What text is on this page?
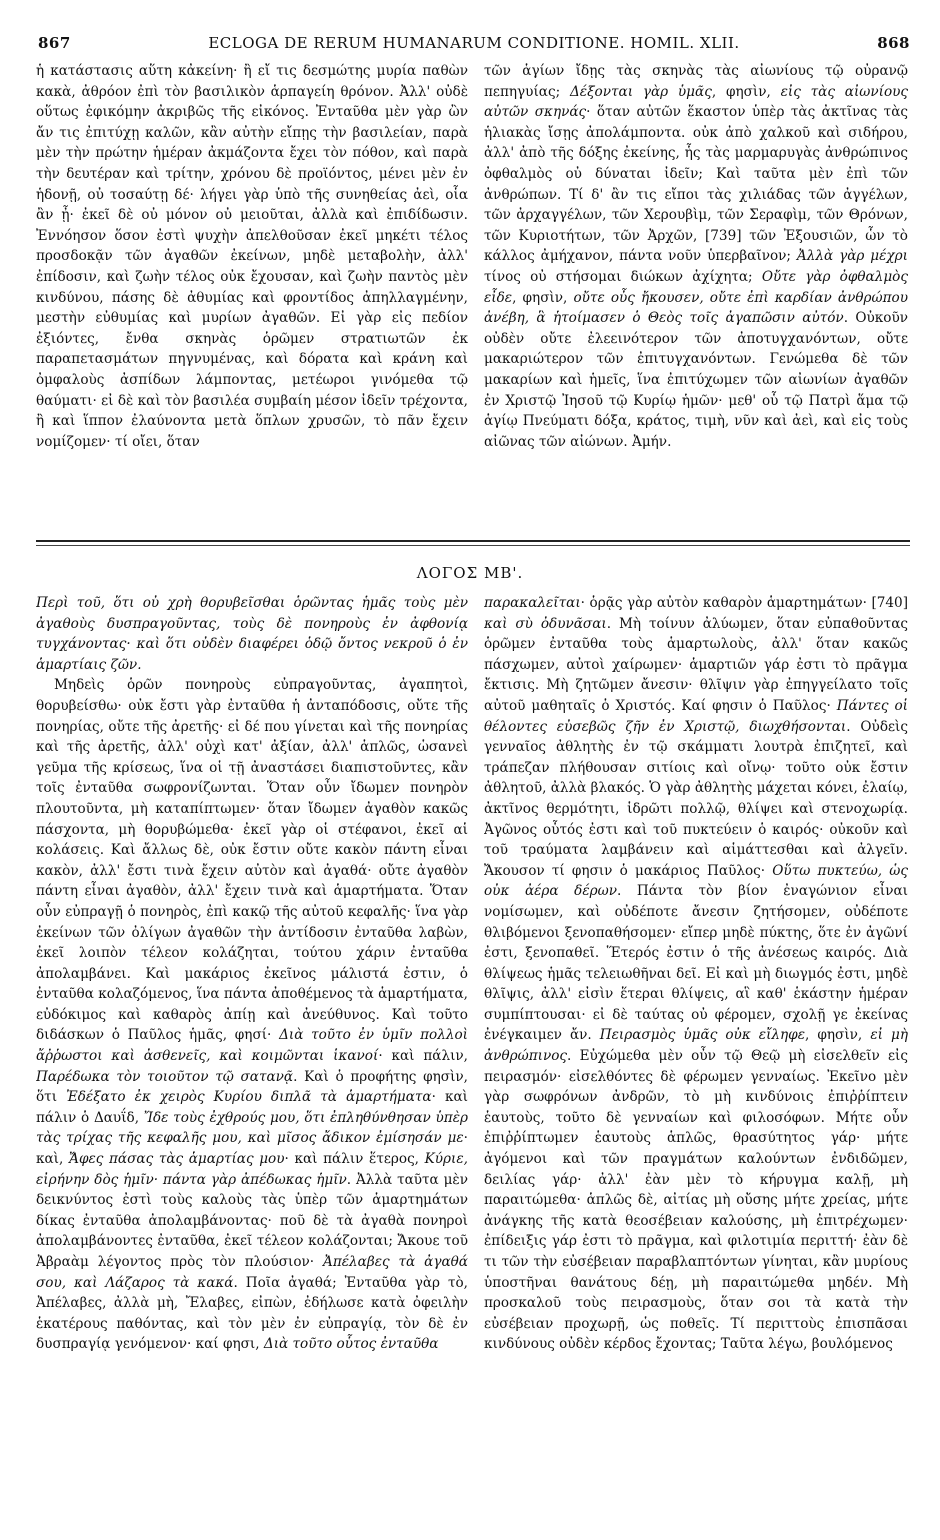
867	ECLOGA DE RERUM HUMANARUM CONDITIONE. HOMIL. XLII.	868

ἡ κατάστασις αὕτη κἀκείνη· ἢ εἴ τις δεσμώτης μυρία παθὼν κακὰ, ἀθρόον ἐπὶ τὸν βασιλικὸν ἁρπαγείη θρόνον. Ἀλλ' οὐδὲ οὕτως ἐφικόμην ἀκριβῶς τῆς εἰκόνος. Ἐνταῦθα μὲν γὰρ ὢν ἄν τις ἐπιτύχῃ καλῶν, κἂν αὐτὴν εἴπῃς τὴν βασιλείαν, παρὰ μὲν τὴν πρώτην ἡμέραν ἀκμάζοντα ἔχει τὸν πόθον, καὶ παρὰ τὴν δευτέραν καὶ τρίτην, χρόνου δὲ προϊόντος, μένει μὲν ἐν ἡδονῇ, οὐ τοσαύτῃ δέ· λήγει γὰρ ὑπὸ τῆς συνηθείας ἀεὶ, οἷα ἂν ᾖ· ἐκεῖ δὲ οὐ μόνον οὐ μειοῦται, ἀλλὰ καὶ ἐπιδίδωσιν. Ἐννόησον ὅσον ἐστὶ ψυχὴν ἀπελθοῦσαν ἐκεῖ μηκέτι τέλος προσδοκᾷν τῶν ἀγαθῶν ἐκείνων, μηδὲ μεταβολὴν, ἀλλ' ἐπίδοσιν, καὶ ζωὴν τέλος οὐκ ἔχουσαν, καὶ ζωὴν παντὸς μὲν κινδύνου, πάσης δὲ ἀθυμίας καὶ φροντίδος ἀπηλλαγμένην, μεστὴν εὐθυμίας καὶ μυρίων ἀγαθῶν. Εἰ γὰρ εἰς πεδίον ἐξιόντες, ἔνθα σκηνὰς ὁρῶμεν στρατιωτῶν ἐκ παραπετασμάτων πηγνυμένας, καὶ δόρατα καὶ κράνη καὶ ὀμφαλοὺς ἀσπίδων λάμποντας, μετέωροι γινόμεθα τῷ θαύματι· εἰ δὲ καὶ τὸν βασιλέα συμβαίη μέσον ἰδεῖν τρέχοντα, ἢ καὶ ἵππον ἐλαύνοντα μετὰ ὅπλων χρυσῶν, τὸ πᾶν ἔχειν νομίζομεν· τί οἴει, ὅταν

τῶν ἁγίων ἴδῃς τὰς σκηνὰς τὰς αἰωνίους τῷ οὐρανῷ πεπηγυίας; Δέξονται γὰρ ὑμᾶς, φησὶν, εἰς τὰς αἰωνίους αὐτῶν σκηνάς· ὅταν αὐτῶν ἕκαστον ὑπὲρ τὰς ἀκτῖνας τὰς ἡλιακὰς ἴσῃς ἀπολάμποντα. οὐκ ἀπὸ χαλκοῦ καὶ σιδήρου, ἀλλ' ἀπὸ τῆς δόξης ἐκείνης, ἧς τὰς μαρμαρυγὰς ἀνθρώπινος ὀφθαλμὸς οὐ δύναται ἰδεῖν; Καὶ ταῦτα μὲν ἐπὶ τῶν ἀνθρώπων. Τί δ' ἂν τις εἴποι τὰς χιλιάδας τῶν ἀγγέλων, τῶν ἀρχαγγέλων, τῶν Χερουβὶμ, τῶν Σεραφὶμ, τῶν Θρόνων, τῶν Κυριοτήτων, τῶν Ἀρχῶν, [739] τῶν Ἐξουσιῶν, ὧν τὸ κάλλος ἀμήχανον, πάντα νοῦν ὑπερβαῖνον; Ἀλλὰ γὰρ μέχρι τίνος οὐ στήσομαι διώκων ἀχίχητα; Οὔτε γὰρ ὀφθαλμὸς εἶδε, φησὶν, οὔτε οὖς ἤκουσεν, οὔτε ἐπὶ καρδίαν ἀνθρώπου ἀνέβη, ἃ ἡτοίμασεν ὁ Θεὸς τοῖς ἀγαπῶσιν αὐτόν. Οὐκοῦν οὐδὲν οὔτε ἐλεεινότερον τῶν ἀποτυγχανόντων, οὔτε μακαριώτερον τῶν ἐπιτυγχανόντων. Γενώμεθα δὲ τῶν μακαρίων καὶ ἡμεῖς, ἵνα ἐπιτύχωμεν τῶν αἰωνίων ἀγαθῶν ἐν Χριστῷ Ἰησοῦ τῷ Κυρίῳ ἡμῶν· μεθ' οὗ τῷ Πατρὶ ἅμα τῷ ἁγίῳ Πνεύματι δόξα, κράτος, τιμὴ, νῦν καὶ ἀεὶ, καὶ εἰς τοὺς αἰῶνας τῶν αἰώνων. Ἀμήν.

ΛΟΓΟΣ ΜΒ'.

Περὶ τοῦ, ὅτι οὐ χρὴ θορυβεῖσθαι ὁρῶντας ἡμᾶς τοὺς μὲν ἀγαθοὺς δυσπραγοῦντας, τοὺς δὲ πονηροὺς ἐν ἀφθονίᾳ τυγχάνοντας· καὶ ὅτι οὐδὲν διαφέρει ὁδῷ ὄντος νεκροῦ ὁ ἐν ἁμαρτίαις ζῶν.

Μηδεὶς ὁρῶν πονηροὺς εὐπραγοῦντας, ἀγαπητοὶ, θορυβείσθω· οὐκ ἔστι γὰρ ἐνταῦθα ἡ ἀνταπόδοσις, οὔτε τῆς πονηρίας, οὔτε τῆς ἀρετῆς· εἰ δέ που γίνεται καὶ τῆς πονηρίας καὶ τῆς ἀρετῆς, ἀλλ' οὐχὶ κατ' ἀξίαν, ἀλλ' ἁπλῶς, ὡσανεὶ γεῦμα τῆς κρίσεως, ἵνα οἱ τῇ ἀναστάσει διαπιστοῦντες, κἂν τοῖς ἐνταῦθα σωφρονίζωνται. Ὅταν οὖν ἴδωμεν πονηρὸν πλουτοῦντα, μὴ καταπίπτωμεν· ὅταν ἴδωμεν ἀγαθὸν κακῶς πάσχοντα, μὴ θορυβώμεθα· ἐκεῖ γὰρ οἱ στέφανοι, ἐκεῖ αἱ κολάσεις. Καὶ ἄλλως δὲ, οὐκ ἔστιν οὔτε κακὸν πάντη εἶναι κακὸν, ἀλλ' ἔστι τινὰ ἔχειν αὐτὸν καὶ ἀγαθά· οὔτε ἀγαθὸν πάντη εἶναι ἀγαθὸν, ἀλλ' ἔχειν τινὰ καὶ ἁμαρτήματα. Ὅταν οὖν εὐπραγῇ ὁ πονηρὸς, ἐπὶ κακῷ τῆς αὐτοῦ κεφαλῆς· ἵνα γὰρ ἐκείνων τῶν ὀλίγων ἀγαθῶν τὴν ἀντίδοσιν ἐνταῦθα λαβὼν, ἐκεῖ λοιπὸν τέλεον κολάζηται, τούτου χάριν ἐνταῦθα ἀπολαμβάνει. Καὶ μακάριος ἐκεῖνος μάλιστά ἐστιν, ὁ ἐνταῦθα κολαζόμενος, ἵνα πάντα ἀποθέμενος τὰ ἁμαρτήματα, εὐδόκιμος καὶ καθαρὸς ἀπίῃ καὶ ἀνεύθυνος. Καὶ τοῦτο διδάσκων ὁ Παῦλος ἡμᾶς, φησί· Διὰ τοῦτο ἐν ὑμῖν πολλοὶ ἄῤῥωστοι καὶ ἀσθενεῖς, καὶ κοιμῶνται ἱκανοί· καὶ πάλιν, Παρέδωκα τὸν τοιοῦτον τῷ σατανᾷ. Καὶ ὁ προφήτης φησὶν, ὅτι Ἐδέξατο ἐκ χειρὸς Κυρίου διπλᾶ τὰ ἁμαρτήματα· καὶ πάλιν ὁ Δαυΐδ, Ἴδε τοὺς ἐχθρούς μου, ὅτι ἐπληθύνθησαν ὑπὲρ τὰς τρίχας τῆς κεφαλῆς μου, καὶ μῖσος ἄδικον ἐμίσησάν με· καὶ, Ἄφες πάσας τὰς ἁμαρτίας μου· καὶ πάλιν ἕτερος, Κύριε, εἰρήνην δὸς ἡμῖν· πάντα γὰρ ἀπέδωκας ἡμῖν. Ἀλλὰ ταῦτα μὲν δεικνύντος ἐστὶ τοὺς καλοὺς τὰς ὑπὲρ τῶν ἁμαρτημάτων δίκας ἐνταῦθα ἀπολαμβάνοντας· ποῦ δὲ τὰ ἀγαθὰ πονηροὶ ἀπολαμβάνοντες ἐνταῦθα, ἐκεῖ τέλεον κολάζονται; Ἄκουε τοῦ Ἀβραὰμ λέγοντος πρὸς τὸν πλούσιον· Ἀπέλαβες τὰ ἀγαθά σου, καὶ Λάζαρος τὰ κακά. Ποῖα ἀγαθά; Ἐνταῦθα γὰρ τὸ, Ἀπέλαβες, ἀλλὰ μὴ, Ἔλαβες, εἰπὼν, ἐδήλωσε κατὰ ὀφειλὴν ἑκατέρους παθόντας, καὶ τὸν μὲν ἐν εὐπραγίᾳ, τὸν δὲ ἐν δυσπραγίᾳ γενόμενον· καί φησι, Διὰ τοῦτο οὗτος ἐνταῦθα

παρακαλεῖται· ὁρᾷς γὰρ αὐτὸν καθαρὸν ἁμαρτημάτων· [740] καὶ σὺ ὀδυνᾶσαι. Μὴ τοίνυν ἀλύωμεν, ὅταν εὐπαθοῦντας ὁρῶμεν ἐνταῦθα τοὺς ἁμαρτωλοὺς, ἀλλ' ὅταν κακῶς πάσχωμεν, αὐτοὶ χαίρωμεν· ἁμαρτιῶν γάρ ἐστι τὸ πρᾶγμα ἔκτισις. Μὴ ζητῶμεν ἄνεσιν· θλῖψιν γὰρ ἐπηγγείλατο τοῖς αὐτοῦ μαθηταῖς ὁ Χριστός. Καί φησιν ὁ Παῦλος· Πάντες οἱ θέλοντες εὐσεβῶς ζῆν ἐν Χριστῷ, διωχθήσονται. Οὐδεὶς γενναῖος ἀθλητὴς ἐν τῷ σκάμματι λουτρὰ ἐπιζητεῖ, καὶ τράπεζαν πλήθουσαν σιτίοις καὶ οἴνῳ· τοῦτο οὐκ ἔστιν ἀθλητοῦ, ἀλλὰ βλακός. Ὁ γὰρ ἀθλητὴς μάχεται κόνει, ἐλαίῳ, ἀκτῖνος θερμότητι, ἱδρῶτι πολλῷ, θλίψει καὶ στενοχωρίᾳ. Ἀγῶνος οὗτός ἐστι καὶ τοῦ πυκτεύειν ὁ καιρός· οὐκοῦν καὶ τοῦ τραύματα λαμβάνειν καὶ αἱμάττεσθαι καὶ ἀλγεῖν. Ἄκουσον τί φησιν ὁ μακάριος Παῦλος· Οὕτω πυκτεύω, ὡς οὐκ ἀέρα δέρων. Πάντα τὸν βίον ἐναγώνιον εἶναι νομίσωμεν, καὶ οὐδέποτε ἄνεσιν ζητήσομεν, οὐδέποτε θλιβόμενοι ξενοπαθήσομεν· εἴπερ μηδὲ πύκτης, ὅτε ἐν ἀγῶνί ἐστι, ξενοπαθεῖ. Ἕτερός ἐστιν ὁ τῆς ἀνέσεως καιρός. Διὰ θλίψεως ἡμᾶς τελειωθῆναι δεῖ. Εἰ καὶ μὴ διωγμός ἐστι, μηδὲ θλῖψις, ἀλλ' εἰσὶν ἕτεραι θλίψεις, αἳ καθ' ἑκάστην ἡμέραν συμπίπτουσαι· εἰ δὲ ταύτας οὐ φέρομεν, σχολῇ γε ἐκείνας ἐνέγκαιμεν ἄν. Πειρασμὸς ὑμᾶς οὐκ εἴληφε, φησὶν, εἰ μὴ ἀνθρώπινος. Εὐχώμεθα μὲν οὖν τῷ Θεῷ μὴ εἰσελθεῖν εἰς πειρασμόν· εἰσελθόντες δὲ φέρωμεν γενναίως. Ἐκεῖνο μὲν γὰρ σωφρόνων ἀνδρῶν, τὸ μὴ κινδύνοις ἐπιῤῥίπτειν ἑαυτοὺς, τοῦτο δὲ γενναίων καὶ φιλοσόφων. Μήτε οὖν ἐπιῤῥίπτωμεν ἑαυτοὺς ἁπλῶς, θρασύτητος γάρ· μήτε ἀγόμενοι καὶ τῶν πραγμάτων καλούντων ἐνδιδῶμεν, δειλίας γάρ· ἀλλ' ἐὰν μὲν τὸ κήρυγμα καλῇ, μὴ παραιτώμεθα· ἁπλῶς δὲ, αἰτίας μὴ οὔσης μήτε χρείας, μήτε ἀνάγκης τῆς κατὰ θεοσέβειαν καλούσης, μὴ ἐπιτρέχωμεν· ἐπίδειξις γάρ ἐστι τὸ πρᾶγμα, καὶ φιλοτιμία περιττή· ἐὰν δὲ τι τῶν τὴν εὐσέβειαν παραβλαπτόντων γίνηται, κἂν μυρίους ὑποστῆναι θανάτους δέῃ, μὴ παραιτώμεθα μηδέν. Μὴ προσκαλοῦ τοὺς πειρασμοὺς, ὅταν σοι τὰ κατὰ τὴν εὐσέβειαν προχωρῇ, ὡς ποθεῖς. Τί περιττοὺς ἐπισπᾶσαι κινδύνους οὐδὲν κέρδος ἔχοντας; Ταῦτα λέγω, βουλόμενος
